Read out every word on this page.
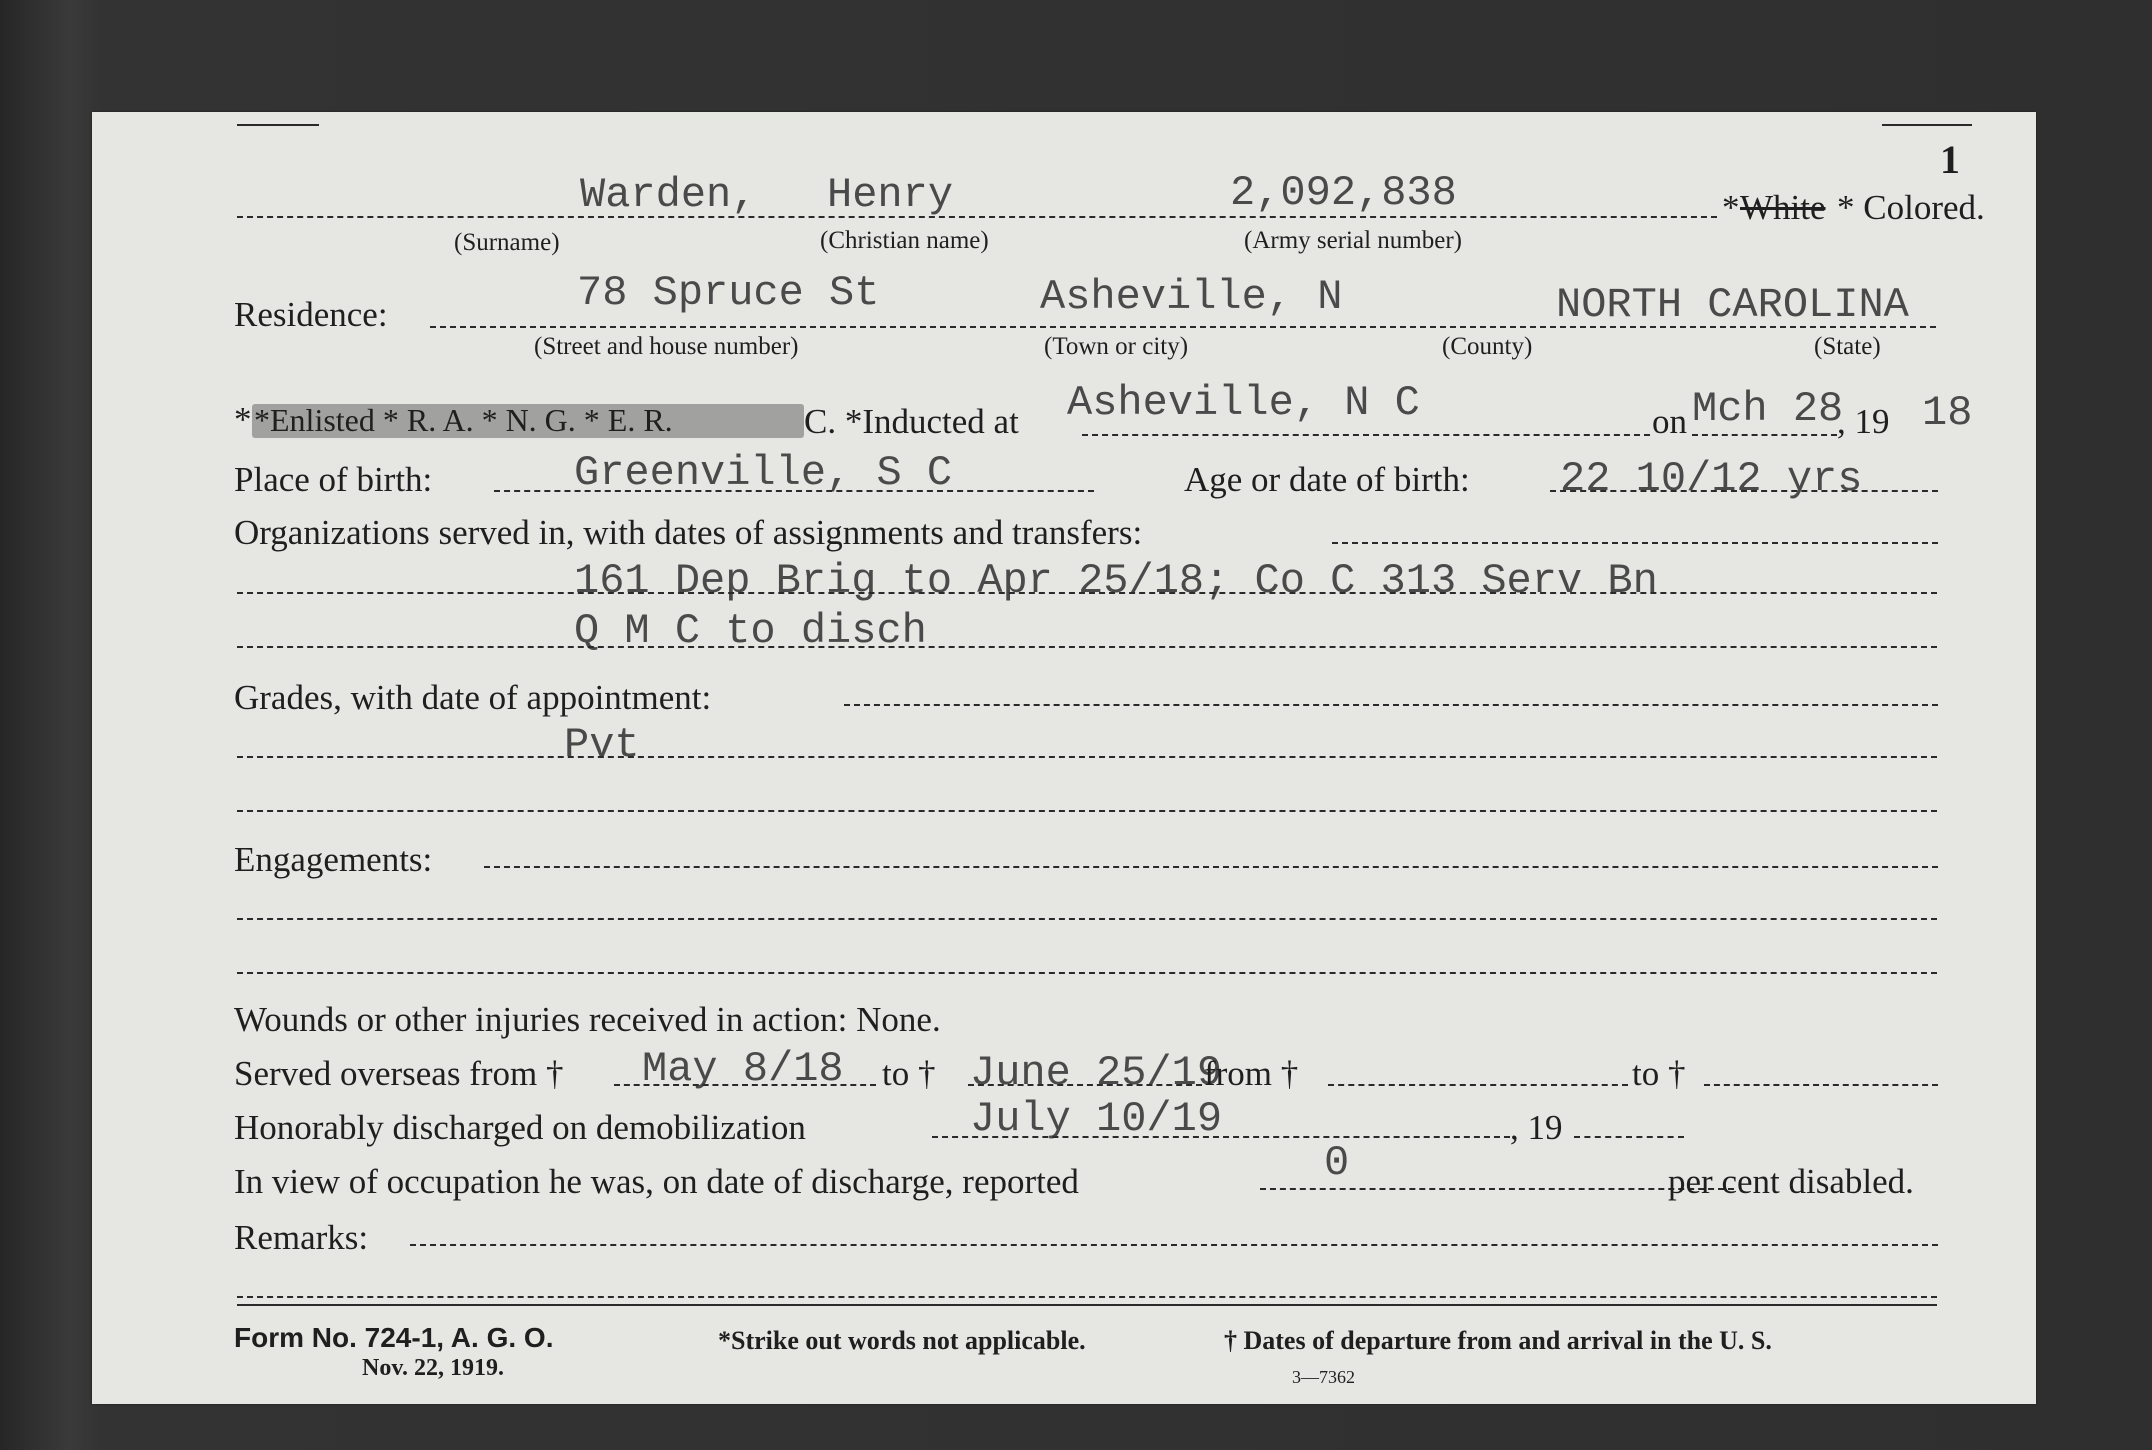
1
Warden, Henry	2,092,838	* White * Colored.
(Surname)	(Christian name)	(Army serial number)
Residence:	78 Spruce St	Asheville, N	NORTH CAROLINA
(Street and house number)	(Town or city)	(County)	(State)
* *Enlisted * R. A. * N. G. * E. R.	C. *Inducted at Asheville, N C	on Mch 28
, 19 18
Place of birth:	Greenville, S C	Age or date of birth: 22 10/12 yrs
Organizations served in, with dates of assignments and transfers:
161 Dep Brig to Apr 25/18; Co C 313 Serv Bn
Q M C to disch
Grades, with date of appointment:
Pvt
Engagements:
Wounds or other injuries received in action: None.
Served overseas from † May 8/18 to † June 25/19
from †	to †
Honorably discharged on demobilization	July 10/19	, 19
In view of occupation he was, on date of discharge, reported	0	per cent disabled.
Remarks:
Form No. 724-1, A. G. O.
Nov. 22, 1919.
*Strike out words not applicable.	† Dates of departure from and arrival in the U. S.
3—7362
